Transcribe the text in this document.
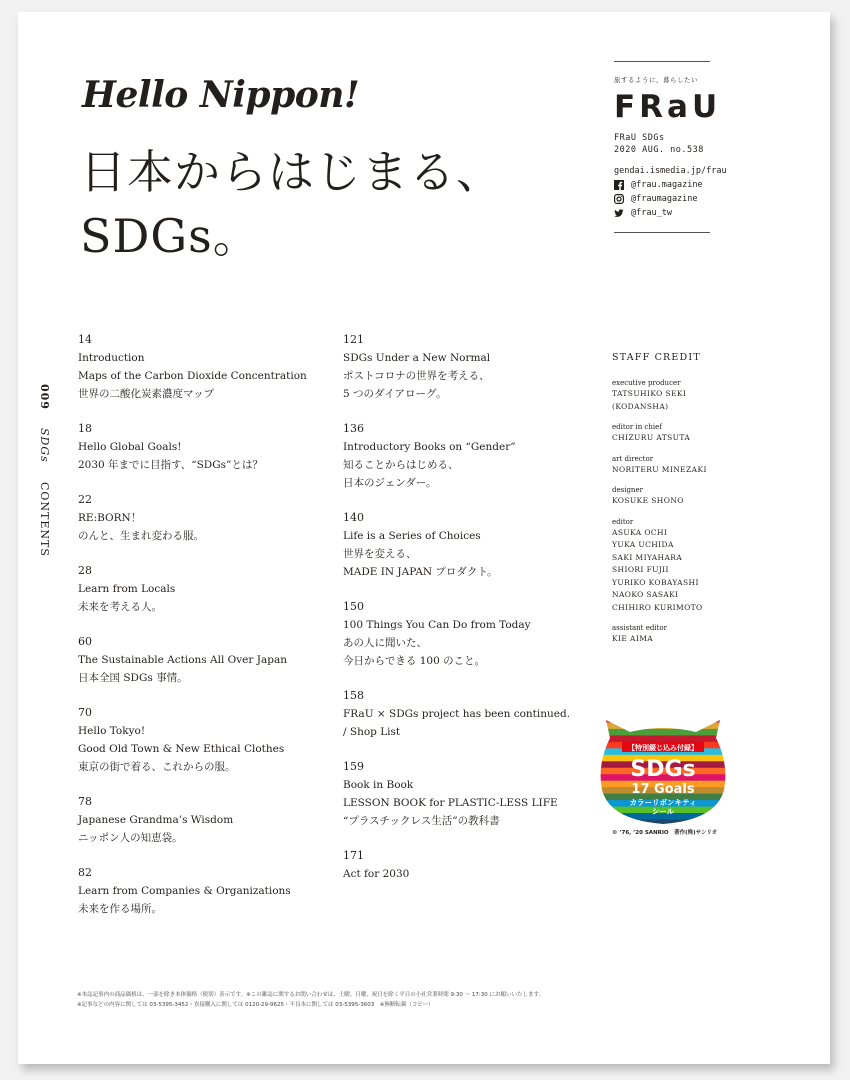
Hello Nippon!
日本からはじまる、
SDGs。
旅するように、暮らしたい
FRaU
FRaU SDGs
2020 AUG. no.538
gendai.ismedia.jp/frau
@frau.magazine
@fraumagazine
@frau_tw
009 SDGs CONTENTS
14
Introduction
Maps of the Carbon Dioxide Concentration
世界の二酸化炭素濃度マップ
18
Hello Global Goals!
2030 年までに目指す、“SDGs”とは？
22
RE:BORN！
のんと、生まれ変わる服。
28
Learn from Locals
未来を考える人。
60
The Sustainable Actions All Over Japan
日本全国 SDGs 事情。
70
Hello Tokyo!
Good Old Town & New Ethical Clothes
東京の街で着る、これからの服。
78
Japanese Grandma’s Wisdom
ニッポン人の知恵袋。
82
Learn from Companies & Organizations
未来を作る場所。
121
SDGs Under a New Normal
ポストコロナの世界を考える、
5 つのダイアローグ。
136
Introductory Books on “Gender”
知ることからはじめる、
日本のジェンダー。
140
Life is a Series of Choices
世界を変える、
MADE IN JAPAN プロダクト。
150
100 Things You Can Do from Today
あの人に聞いた、
今日からできる 100 のこと。
158
FRaU × SDGs project has been continued.
/ Shop List
159
Book in Book
LESSON BOOK for PLASTIC-LESS LIFE
“プラスチックレス生活”の教科書
171
Act for 2030
STAFF CREDIT
executive producer
TATSUHIKO SEKI
(KODANSHA)
editor in chief
CHIZURU ATSUTA
art director
NORITERU MINEZAKI
designer
KOSUKE SHONO
editor
ASUKA OCHI
YUKA UCHIDA
SAKI MIYAHARA
SHIORI FUJII
YURIKO KOBAYASHI
NAOKO SASAKI
CHIHIRO KURIMOTO
assistant editor
KIE AIMA
【特別綴じ込み付録】
SDGs
17 Goals
カラーリボンキティ
シール
© ’76, ’20 SANRIO　著作(株)サンリオ
※本誌記事内の商品価格は、一部を除き本体価格（税別）表示です。※この雑誌に関するお問い合わせは、土曜、日曜、祝日を除く平日の小社営業時間 9:30 〜 17:30 にお願いいたします。
※記事などの内容に関しては 03-5395-3452・直接購入に関しては 0120-29-9625・不良本に関しては 03-5395-3603　※無断転載（コピー）
